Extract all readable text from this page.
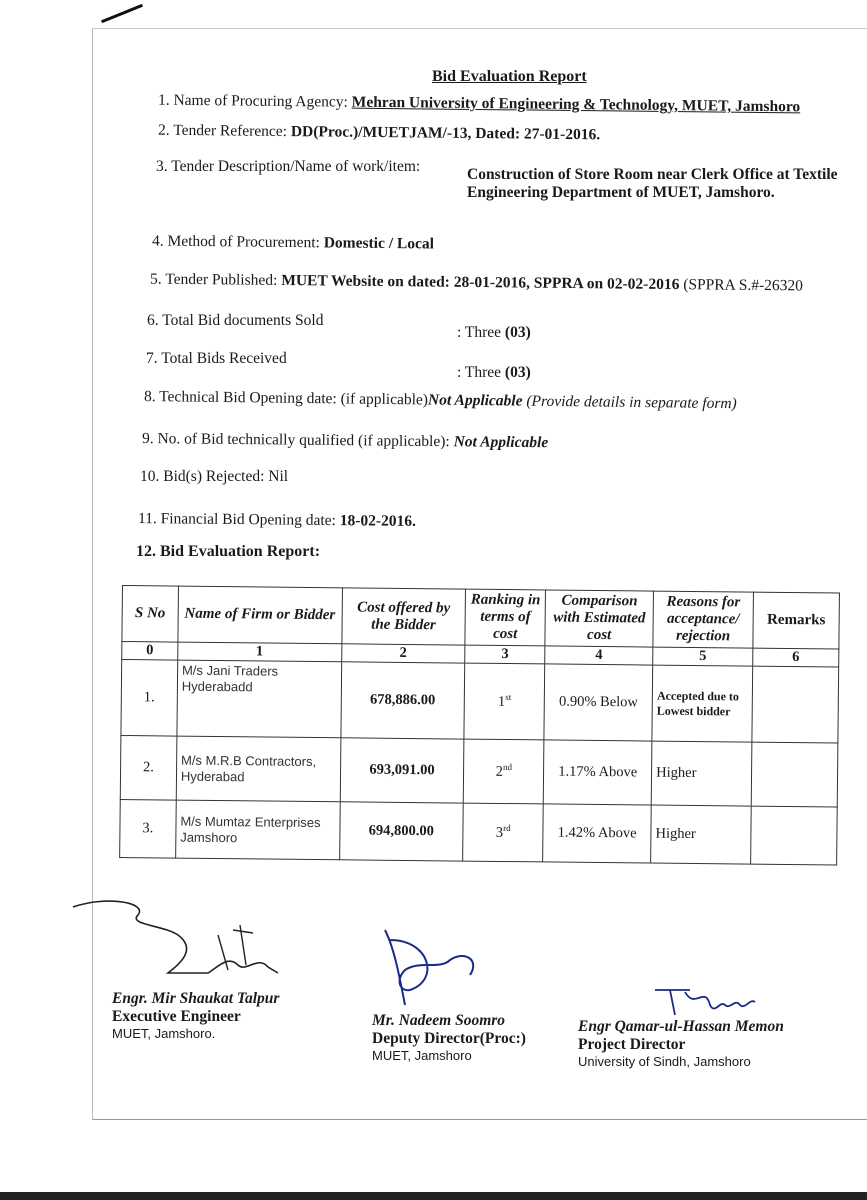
Bid Evaluation Report
1. Name of Procuring Agency: Mehran University of Engineering & Technology, MUET, Jamshoro
2. Tender Reference: DD(Proc.)/MUETJAM/-13, Dated: 27-01-2016.
3. Tender Description/Name of work/item:	Construction of Store Room near Clerk Office at Textile Engineering Department of MUET, Jamshoro.
4. Method of Procurement: Domestic / Local
5. Tender Published: MUET Website on dated: 28-01-2016, SPPRA on 02-02-2016 (SPPRA S.#-26320
6. Total Bid documents Sold
: Three (03)
7. Total Bids Received
: Three (03)
8. Technical Bid Opening date: (if applicable)Not Applicable (Provide details in separate form)
9. No. of Bid technically qualified (if applicable): Not Applicable
10. Bid(s) Rejected: Nil
11. Financial Bid Opening date: 18-02-2016.
12. Bid Evaluation Report:
S No	Name of Firm or Bidder	Cost offered by the Bidder	Ranking in terms of cost	Comparison with Estimated cost	Reasons for acceptance/ rejection	Remarks
0	1	2	3	4	5	6
1.	M/s Jani Traders Hyderabadd	678,886.00	1st	0.90% Below	Accepted due to Lowest bidder	
2.	M/s M.R.B Contractors, Hyderabad	693,091.00	2nd	1.17% Above	Higher	
3.	M/s Mumtaz Enterprises Jamshoro	694,800.00	3rd	1.42% Above	Higher	
Engr. Mir Shaukat Talpur
Executive Engineer
MUET, Jamshoro.
Mr. Nadeem Soomro
Deputy Director(Proc:)
MUET, Jamshoro
Engr Qamar-ul-Hassan Memon
Project Director
University of Sindh, Jamshoro
